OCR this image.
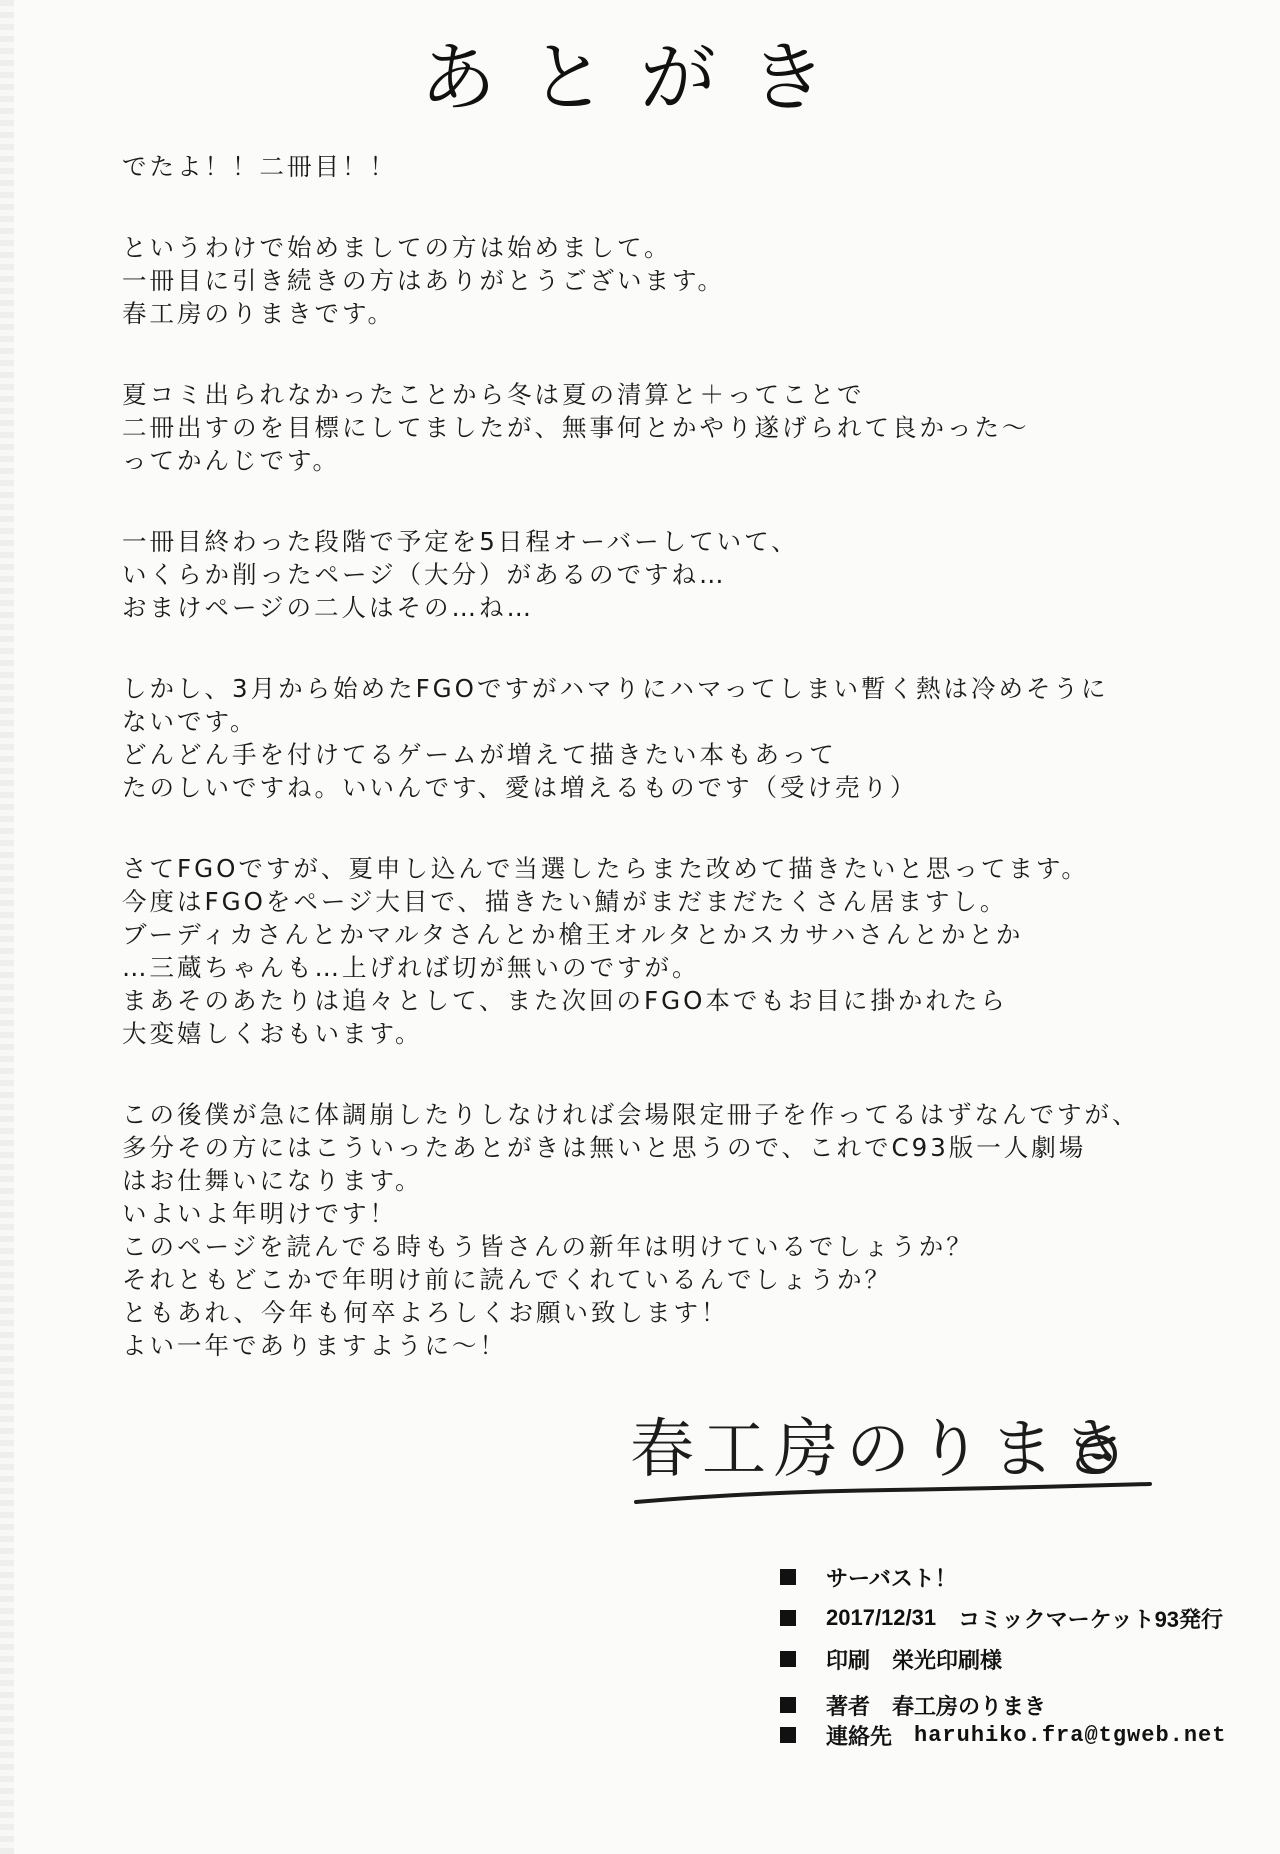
あとがき
でたよ！！二冊目！！
というわけで始めましての方は始めまして。
一冊目に引き続きの方はありがとうございます。
春工房のりまきです。
夏コミ出られなかったことから冬は夏の清算と＋ってことで
二冊出すのを目標にしてましたが、無事何とかやり遂げられて良かった〜
ってかんじです。
一冊目終わった段階で予定を5日程オーバーしていて、
いくらか削ったページ（大分）があるのですね…
おまけページの二人はその…ね…
しかし、3月から始めたFGOですがハマりにハマってしまい暫く熱は冷めそうに
ないです。
どんどん手を付けてるゲームが増えて描きたい本もあって
たのしいですね。いいんです、愛は増えるものです（受け売り）
さてFGOですが、夏申し込んで当選したらまた改めて描きたいと思ってます。
今度はFGOをページ大目で、描きたい鯖がまだまだたくさん居ますし。
ブーディカさんとかマルタさんとか槍王オルタとかスカサハさんとかとか
…三蔵ちゃんも…上げれば切が無いのですが。
まあそのあたりは追々として、また次回のFGO本でもお目に掛かれたら
大変嬉しくおもいます。
この後僕が急に体調崩したりしなければ会場限定冊子を作ってるはずなんですが、
多分その方にはこういったあとがきは無いと思うので、これでC93版一人劇場
はお仕舞いになります。
いよいよ年明けです！
このページを読んでる時もう皆さんの新年は明けているでしょうか？
それともどこかで年明け前に読んでくれているんでしょうか？
ともあれ、今年も何卒よろしくお願い致します！
よい一年でありますように〜！
春工房のりまき
サーバスト！
2017/12/31 コミックマーケット93発行
印刷 栄光印刷様
著者 春工房のりまき
連絡先 haruhiko.fra@tgweb.net
